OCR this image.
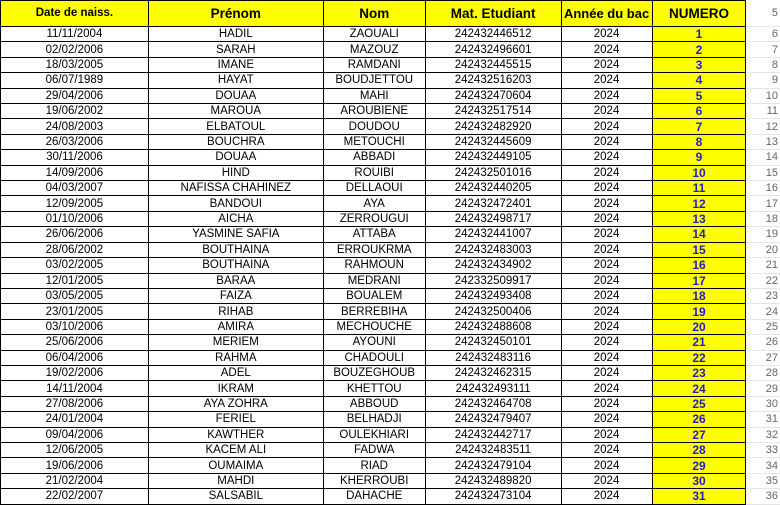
Date de naiss.	Prénom	Nom	Mat. Etudiant	Année du bac	NUMERO		5
11/11/2004	HADIL	ZAOUALI	242432446512	2024	1		6
02/02/2006	SARAH	MAZOUZ	242432496601	2024	2		7
18/03/2005	IMANE	RAMDANI	242432445515	2024	3		8
06/07/1989	HAYAT	BOUDJETTOU	242432516203	2024	4		9
29/04/2006	DOUAA	MAHI	242432470604	2024	5		10
19/06/2002	MAROUA	AROUBIENE	242432517514	2024	6		11
24/08/2003	ELBATOUL	DOUDOU	242432482920	2024	7		12
26/03/2006	BOUCHRA	METOUCHI	242432445609	2024	8		13
30/11/2006	DOUAA	ABBADI	242432449105	2024	9		14
14/09/2006	HIND	ROUIBI	242432501016	2024	10		15
04/03/2007	NAFISSA CHAHINEZ	DELLAOUI	242432440205	2024	11		16
12/09/2005	BANDOUI	AYA	242432472401	2024	12		17
01/10/2006	AICHA	ZERROUGUI	242432498717	2024	13		18
26/06/2006	YASMINE SAFIA	ATTABA	242432441007	2024	14		19
28/06/2002	BOUTHAINA	ERROUKRMA	242432483003	2024	15		20
03/02/2005	BOUTHAINA	RAHMOUN	242432434902	2024	16		21
12/01/2005	BARAA	MEDRANI	242332509917	2024	17		22
03/05/2005	FAIZA	BOUALEM	242432493408	2024	18		23
23/01/2005	RIHAB	BERREBIHA	242432500406	2024	19		24
03/10/2006	AMIRA	MECHOUCHE	242432488608	2024	20		25
25/06/2006	MERIEM	AYOUNI	242432450101	2024	21		26
06/04/2006	RAHMA	CHADOULI	242432483116	2024	22		27
19/02/2006	ADEL	BOUZEGHOUB	242432462315	2024	23		28
14/11/2004	IKRAM	KHETTOU	242432493111	2024	24		29
27/08/2006	AYA ZOHRA	ABBOUD	242432464708	2024	25		30
24/01/2004	FERIEL	BELHADJI	242432479407	2024	26		31
09/04/2006	KAWTHER	OULEKHIARI	242432442717	2024	27		32
12/06/2005	KACEM ALI	FADWA	242432483511	2024	28		33
19/06/2006	OUMAIMA	RIAD	242432479104	2024	29		34
21/02/2004	MAHDI	KHERROUBI	242432489820	2024	30		35
22/02/2007	SALSABIL	DAHACHE	242432473104	2024	31		36
